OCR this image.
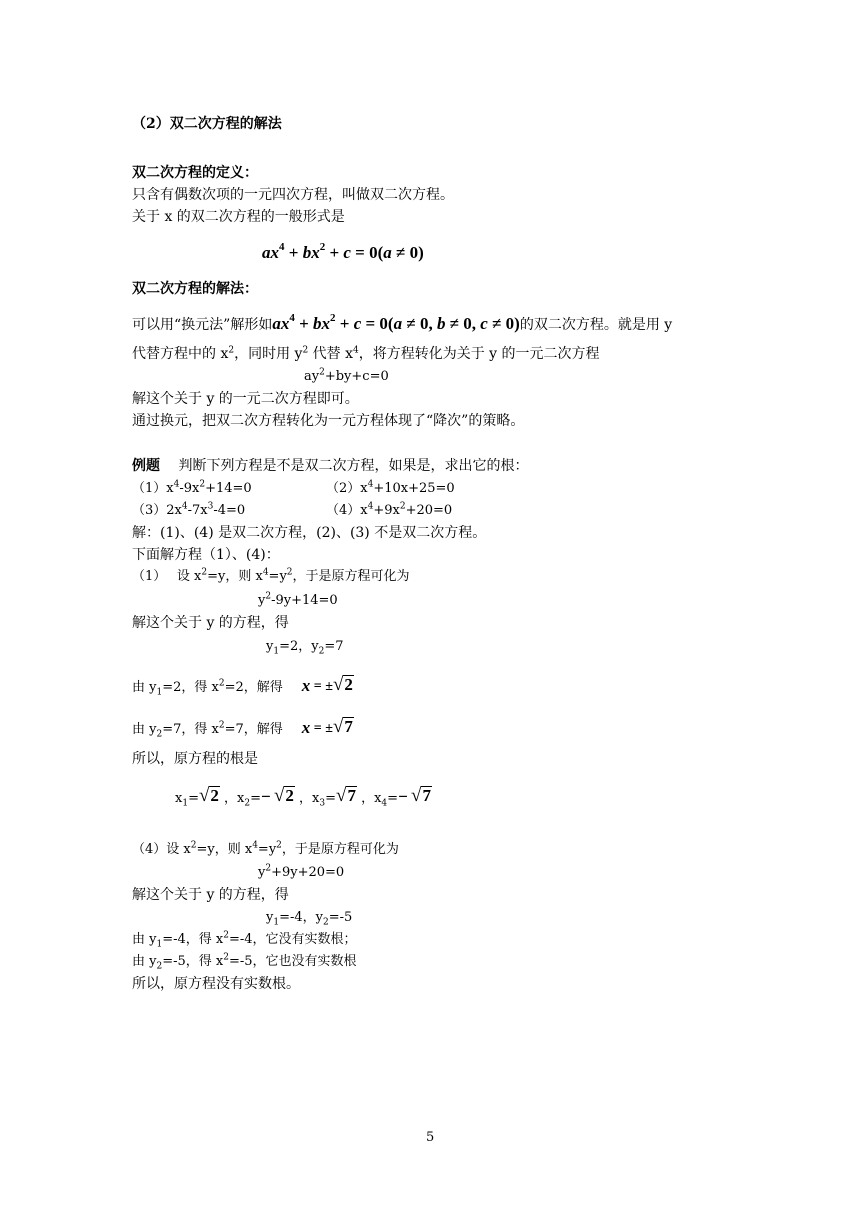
（2）双二次方程的解法
双二次方程的定义：
只含有偶数次项的一元四次方程，叫做双二次方程。
关于 x 的双二次方程的一般形式是
$ax^4 + bx^2 + c = 0(a \ne 0)$
双二次方程的解法：
可以用“换元法”解形如$ax^4 + bx^2 + c = 0(a \ne 0$, b ≠ 0, c ≠ 0)的双二次方程。就是用 y
代替方程中的 $x^2$，同时用 $y^2$ 代替 $x^4$，将方程转化为关于 y 的一元二次方程
$ay^2+by+c=0$
解这个关于 y 的一元二次方程即可。
通过换元，把双二次方程转化为一元方程体现了“降次”的策略。
例题　 判断下列方程是不是双二次方程，如果是，求出它的根：
$(1)x^4-9x^2+14=0$	$(2)x^4+10x+25=0$
$(3)2x^4-7x^3-4=0$	$(4)x^4+9x^2+20=0$
解：(1)、(4) 是双二次方程，(2)、(3) 不是双二次方程。
下面解方程（1）、(4)：
（1）　 设 $x^2=y$，则 $x^4=y^2$，于是原方程可化为
$y^2-9y+14=0$
解这个关于 y 的方程，得
$y_1=2$，$y_2=7$
由 $y_1=2$，得 $x^2=2$，解得　 x = ± √ 2
由 $y_2=7$，得 $x^2=7$，解得　 x = ± √ 7
所以，原方程的根是
$x_1=$ √ 2 ，$x_2=$ −
√ 2 ，$x_3=$ √ 7 ，$x_4=$ −
√ 7
（4）设 $x^2=y$，则 $x^4=y^2$，于是原方程可化为
$y^2+9y+20=0$
解这个关于 y 的方程，得
$y_1=-4$，$y_2=-5$
由 $y_1=-4$，得 $x^2=-4$，它没有实数根；
由 $y_2=-5$，得 $x^2=-5$，它也没有实数根
所以，原方程没有实数根。
5
